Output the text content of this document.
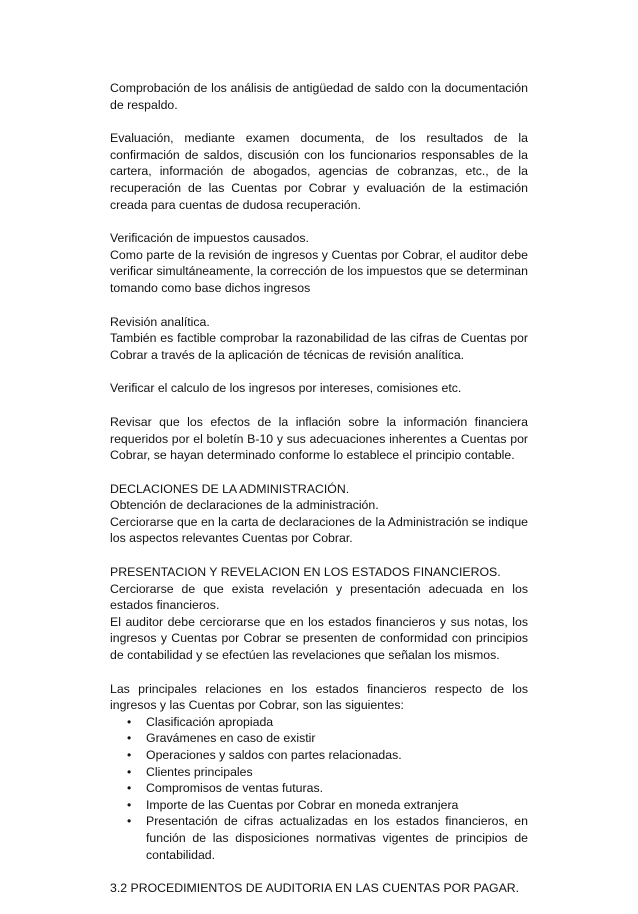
Comprobación de los análisis de antigüedad de saldo con la documentación de respaldo.

Evaluación, mediante examen documenta, de los resultados de la confirmación de saldos, discusión con los funcionarios responsables de la cartera, información de abogados, agencias de cobranzas, etc., de la recuperación de las Cuentas por Cobrar y evaluación de la estimación creada para cuentas de dudosa recuperación.

Verificación de impuestos causados.
Como parte de la revisión de ingresos y Cuentas por Cobrar, el auditor debe verificar simultáneamente, la corrección de los impuestos que se determinan tomando como base dichos ingresos
Revisión analítica.
También es factible comprobar la razonabilidad de las cifras de Cuentas por Cobrar a través de la aplicación de técnicas de revisión analítica.

Verificar el calculo de los ingresos por intereses, comisiones etc.

Revisar que los efectos de la inflación sobre la información financiera requeridos por el boletín B-10 y sus adecuaciones inherentes a Cuentas por Cobrar, se hayan determinado conforme lo establece el principio contable.

DECLACIONES DE LA ADMINISTRACIÓN.
Obtención de declaraciones de la administración.
Cerciorarse que en la carta de declaraciones de la Administración se indique los aspectos relevantes Cuentas por Cobrar.
PRESENTACION Y REVELACION EN LOS ESTADOS FINANCIEROS.
Cerciorarse de que exista revelación y presentación adecuada en los estados financieros.
El auditor debe cerciorarse que en los estados financieros y sus notas, los ingresos y Cuentas por Cobrar se presenten de conformidad con principios de contabilidad y se efectúen las revelaciones que señalan los mismos.
Las principales relaciones en los estados financieros respecto de los ingresos y las Cuentas por Cobrar, son las siguientes:
• Clasificación apropiada
• Gravámenes en caso de existir
• Operaciones y saldos con partes relacionadas.
• Clientes principales
• Compromisos de ventas futuras.
• Importe de las Cuentas por Cobrar en moneda extranjera
• Presentación de cifras actualizadas en los estados financieros, en función de las disposiciones normativas vigentes de principios de contabilidad.

3.2 PROCEDIMIENTOS DE AUDITORIA EN LAS CUENTAS POR PAGAR.
